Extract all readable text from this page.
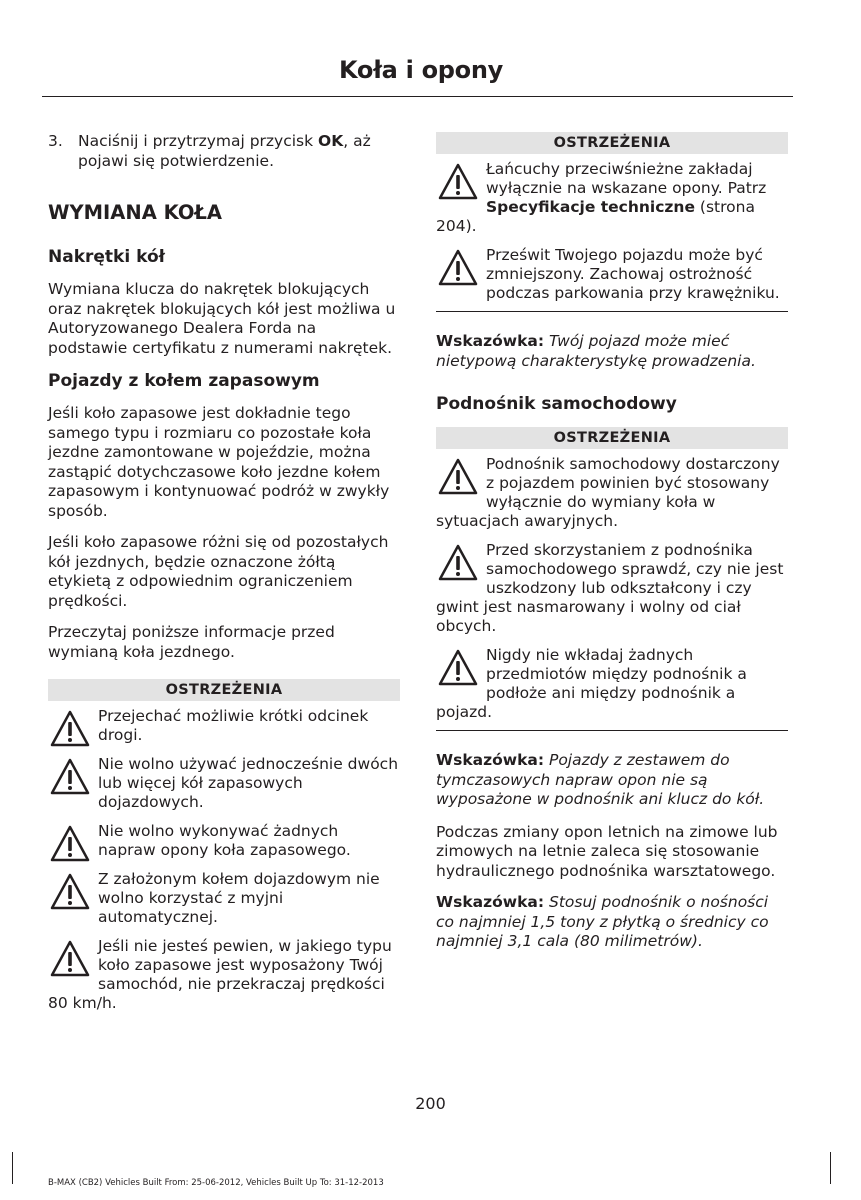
Koła i opony

3. Naciśnij i przytrzymaj przycisk OK, aż pojawi się potwierdzenie.

WYMIANA KOŁA
Nakrętki kół

Wymiana klucza do nakrętek blokujących oraz nakrętek blokujących kół jest możliwa u Autoryzowanego Dealera Forda na podstawie certyfikatu z numerami nakrętek.

Pojazdy z kołem zapasowym

Jeśli koło zapasowe jest dokładnie tego samego typu i rozmiaru co pozostałe koła jezdne zamontowane w pojeździe, można zastąpić dotychczasowe koło jezdne kołem zapasowym i kontynuować podróż w zwykły sposób.

Jeśli koło zapasowe różni się od pozostałych kół jezdnych, będzie oznaczone żółtą etykietą z odpowiednim ograniczeniem prędkości.

Przeczytaj poniższe informacje przed wymianą koła jezdnego.

OSTRZEŻENIA

Przejechać możliwie krótki odcinek drogi.

Nie wolno używać jednocześnie dwóch lub więcej kół zapasowych dojazdowych.

Nie wolno wykonywać żadnych napraw opony koła zapasowego.

Z założonym kołem dojazdowym nie wolno korzystać z myjni automatycznej.

Jeśli nie jesteś pewien, w jakiego typu koło zapasowe jest wyposażony Twój samochód, nie przekraczaj prędkości 80 km/h.

OSTRZEŻENIA

Łańcuchy przeciwśnieżne zakładaj wyłącznie na wskazane opony. Patrz Specyfikacje techniczne (strona 204).

Prześwit Twojego pojazdu może być zmniejszony. Zachowaj ostrożność podczas parkowania przy krawężniku.

Wskazówka: Twój pojazd może mieć nietypową charakterystykę prowadzenia.

Podnośnik samochodowy
OSTRZEŻENIA

Podnośnik samochodowy dostarczony z pojazdem powinien być stosowany wyłącznie do wymiany koła w sytuacjach awaryjnych.

Przed skorzystaniem z podnośnika samochodowego sprawdź, czy nie jest uszkodzony lub odkształcony i czy gwint jest nasmarowany i wolny od ciał obcych.

Nigdy nie wkładaj żadnych przedmiotów między podnośnik a podłoże ani między podnośnik a pojazd.

Wskazówka: Pojazdy z zestawem do tymczasowych napraw opon nie są wyposażone w podnośnik ani klucz do kół.

Podczas zmiany opon letnich na zimowe lub zimowych na letnie zaleca się stosowanie hydraulicznego podnośnika warsztatowego.

Wskazówka: Stosuj podnośnik o nośności co najmniej 1,5 tony z płytką o średnicy co najmniej 3,1 cala (80 milimetrów).

200
B-MAX (CB2) Vehicles Built From: 25-06-2012, Vehicles Built Up To: 31-12-2013
